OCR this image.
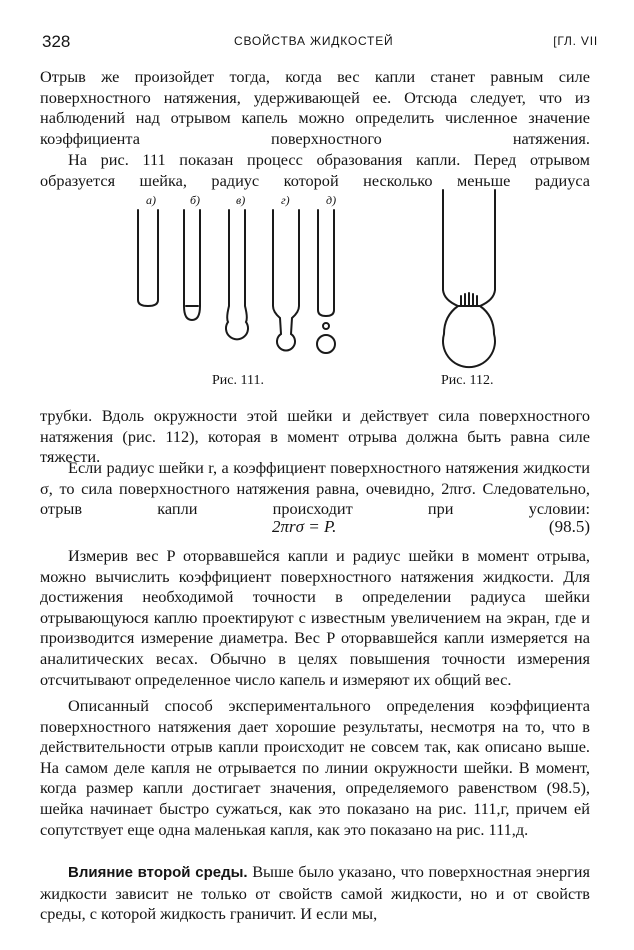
328	СВОЙСТВА ЖИДКОСТЕЙ	[ГЛ. VII

Отрыв же произойдет тогда, когда вес капли станет равным силе поверхностного натяжения, удерживающей ее. Отсюда следует, что из наблюдений над отрывом капель можно определить численное значение коэффициента поверхностного натяжения.

На рис. 111 показан процесс образования капли. Перед отрывом образуется шейка, радиус которой несколько меньше радиуса

а)	б)	в)	г)	д)
Рис. 111.	Рис. 112.

трубки. Вдоль окружности этой шейки и действует сила поверхностного натяжения (рис. 112), которая в момент отрыва должна быть равна силе тяжести.

Если радиус шейки r, а коэффициент поверхностного натяжения жидкости σ, то сила поверхностного натяжения равна, очевидно, 2πrσ. Следовательно, отрыв капли происходит при условии:

2πrσ = P.	(98.5)

Измерив вес P оторвавшейся капли и радиус шейки в момент отрыва, можно вычислить коэффициент поверхностного натяжения жидкости. Для достижения необходимой точности в определении радиуса шейки отрывающуюся каплю проектируют с известным увеличением на экран, где и производится измерение диаметра. Вес P оторвавшейся капли измеряется на аналитических весах. Обычно в целях повышения точности измерения отсчитывают определенное число капель и измеряют их общий вес.

Описанный способ экспериментального определения коэффициента поверхностного натяжения дает хорошие результаты, несмотря на то, что в действительности отрыв капли происходит не совсем так, как описано выше. На самом деле капля не отрывается по линии окружности шейки. В момент, когда размер капли достигает значения, определяемого равенством (98.5), шейка начинает быстро сужаться, как это показано на рис. 111,г, причем ей сопутствует еще одна маленькая капля, как это показано на рис. 111,д.

Влияние второй среды. Выше было указано, что поверхностная энергия жидкости зависит не только от свойств самой жидкости, но и от свойств среды, с которой жидкость граничит. И если мы,
